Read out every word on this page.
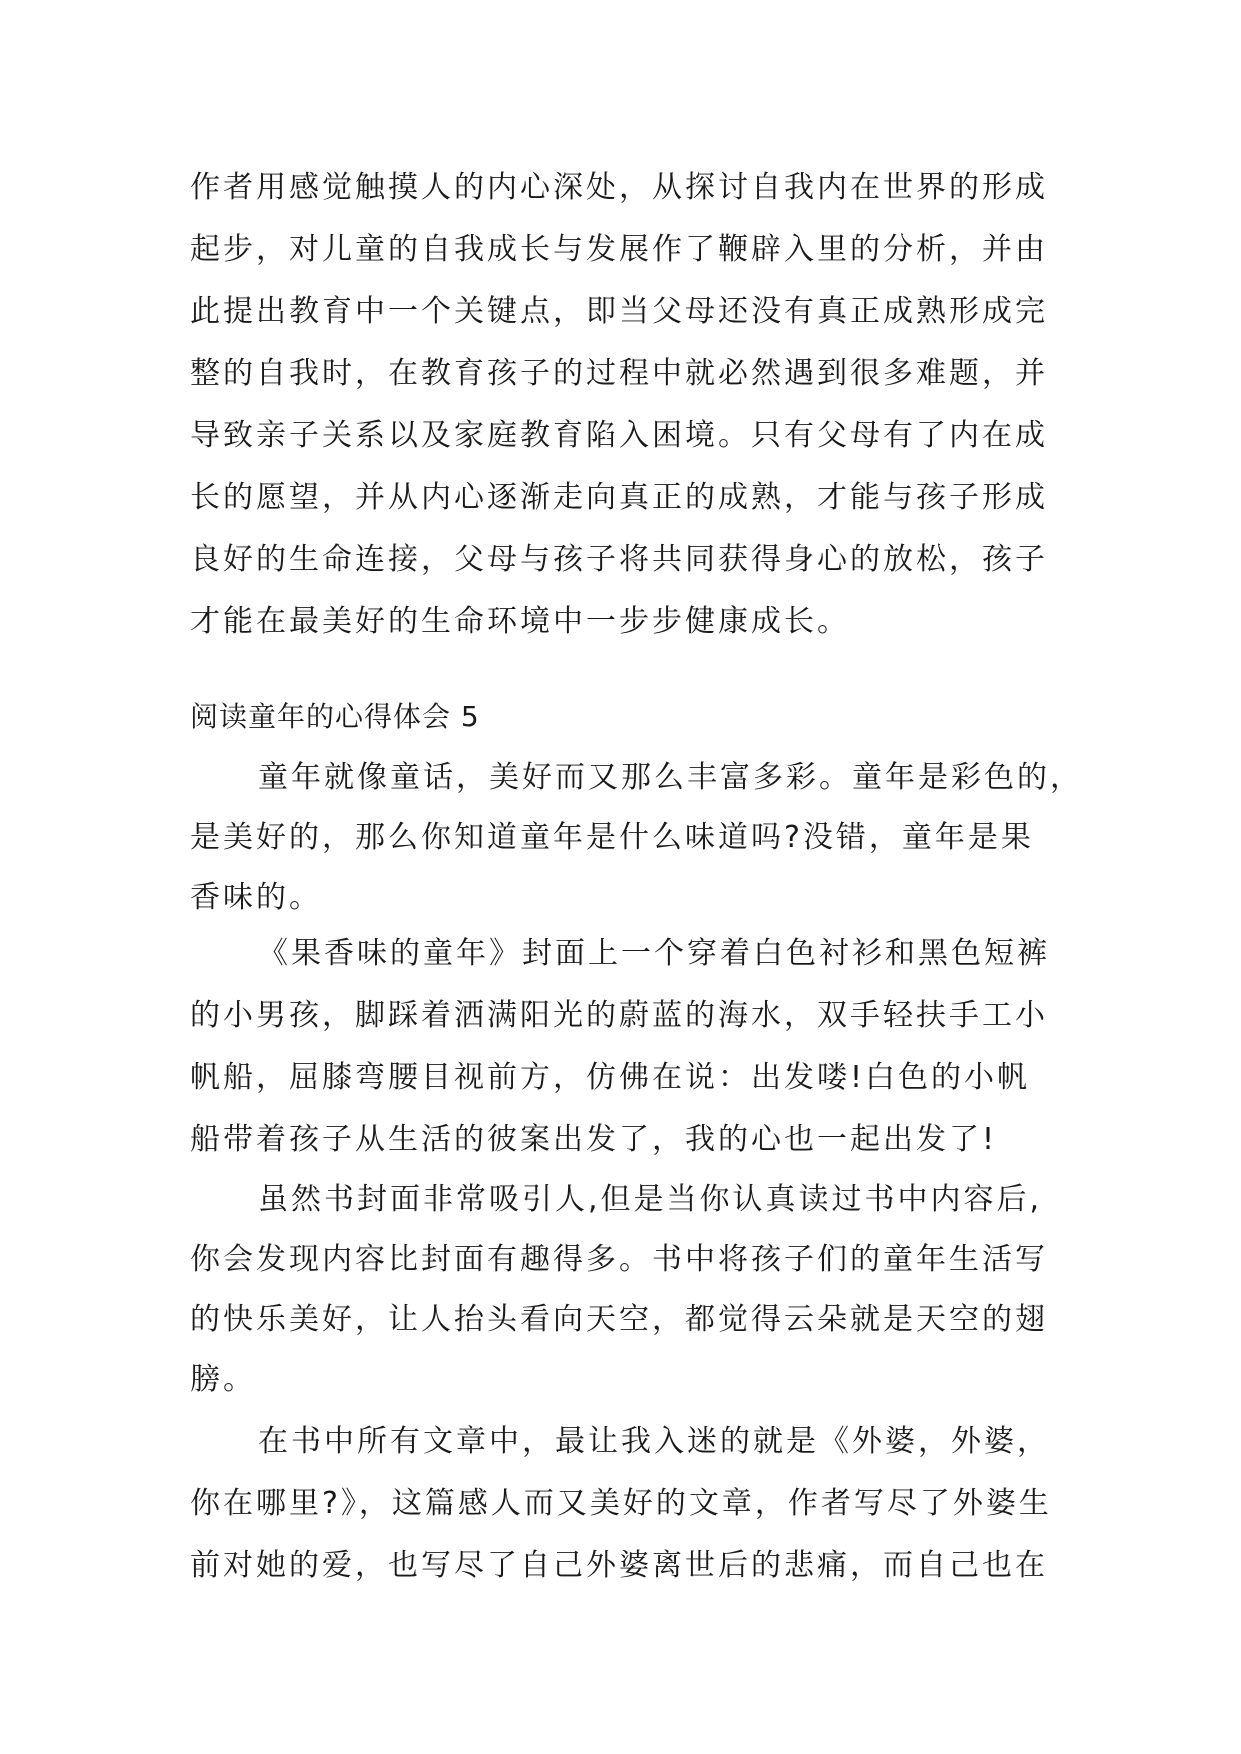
作者用感觉触摸人的内心深处，从探讨自我内在世界的形成
起步，对儿童的自我成长与发展作了鞭辟入里的分析，并由
此提出教育中一个关键点，即当父母还没有真正成熟形成完
整的自我时，在教育孩子的过程中就必然遇到很多难题，并
导致亲子关系以及家庭教育陷入困境。只有父母有了内在成
长的愿望，并从内心逐渐走向真正的成熟，才能与孩子形成
良好的生命连接，父母与孩子将共同获得身心的放松，孩子
才能在最美好的生命环境中一步步健康成长。
阅读童年的心得体会 5
童年就像童话，美好而又那么丰富多彩。童年是彩色的，
是美好的，那么你知道童年是什么味道吗?没错，童年是果
香味的。
《果香味的童年》封面上一个穿着白色衬衫和黑色短裤
的小男孩，脚踩着洒满阳光的蔚蓝的海水，双手轻扶手工小
帆船，屈膝弯腰目视前方，仿佛在说：出发喽!白色的小帆
船带着孩子从生活的彼案出发了，我的心也一起出发了!
虽然书封面非常吸引人,但是当你认真读过书中内容后,
你会发现内容比封面有趣得多。书中将孩子们的童年生活写
的快乐美好，让人抬头看向天空，都觉得云朵就是天空的翅
膀。
在书中所有文章中，最让我入迷的就是《外婆，外婆，
你在哪里?》，这篇感人而又美好的文章，作者写尽了外婆生
前对她的爱，也写尽了自己外婆离世后的悲痛，而自己也在
